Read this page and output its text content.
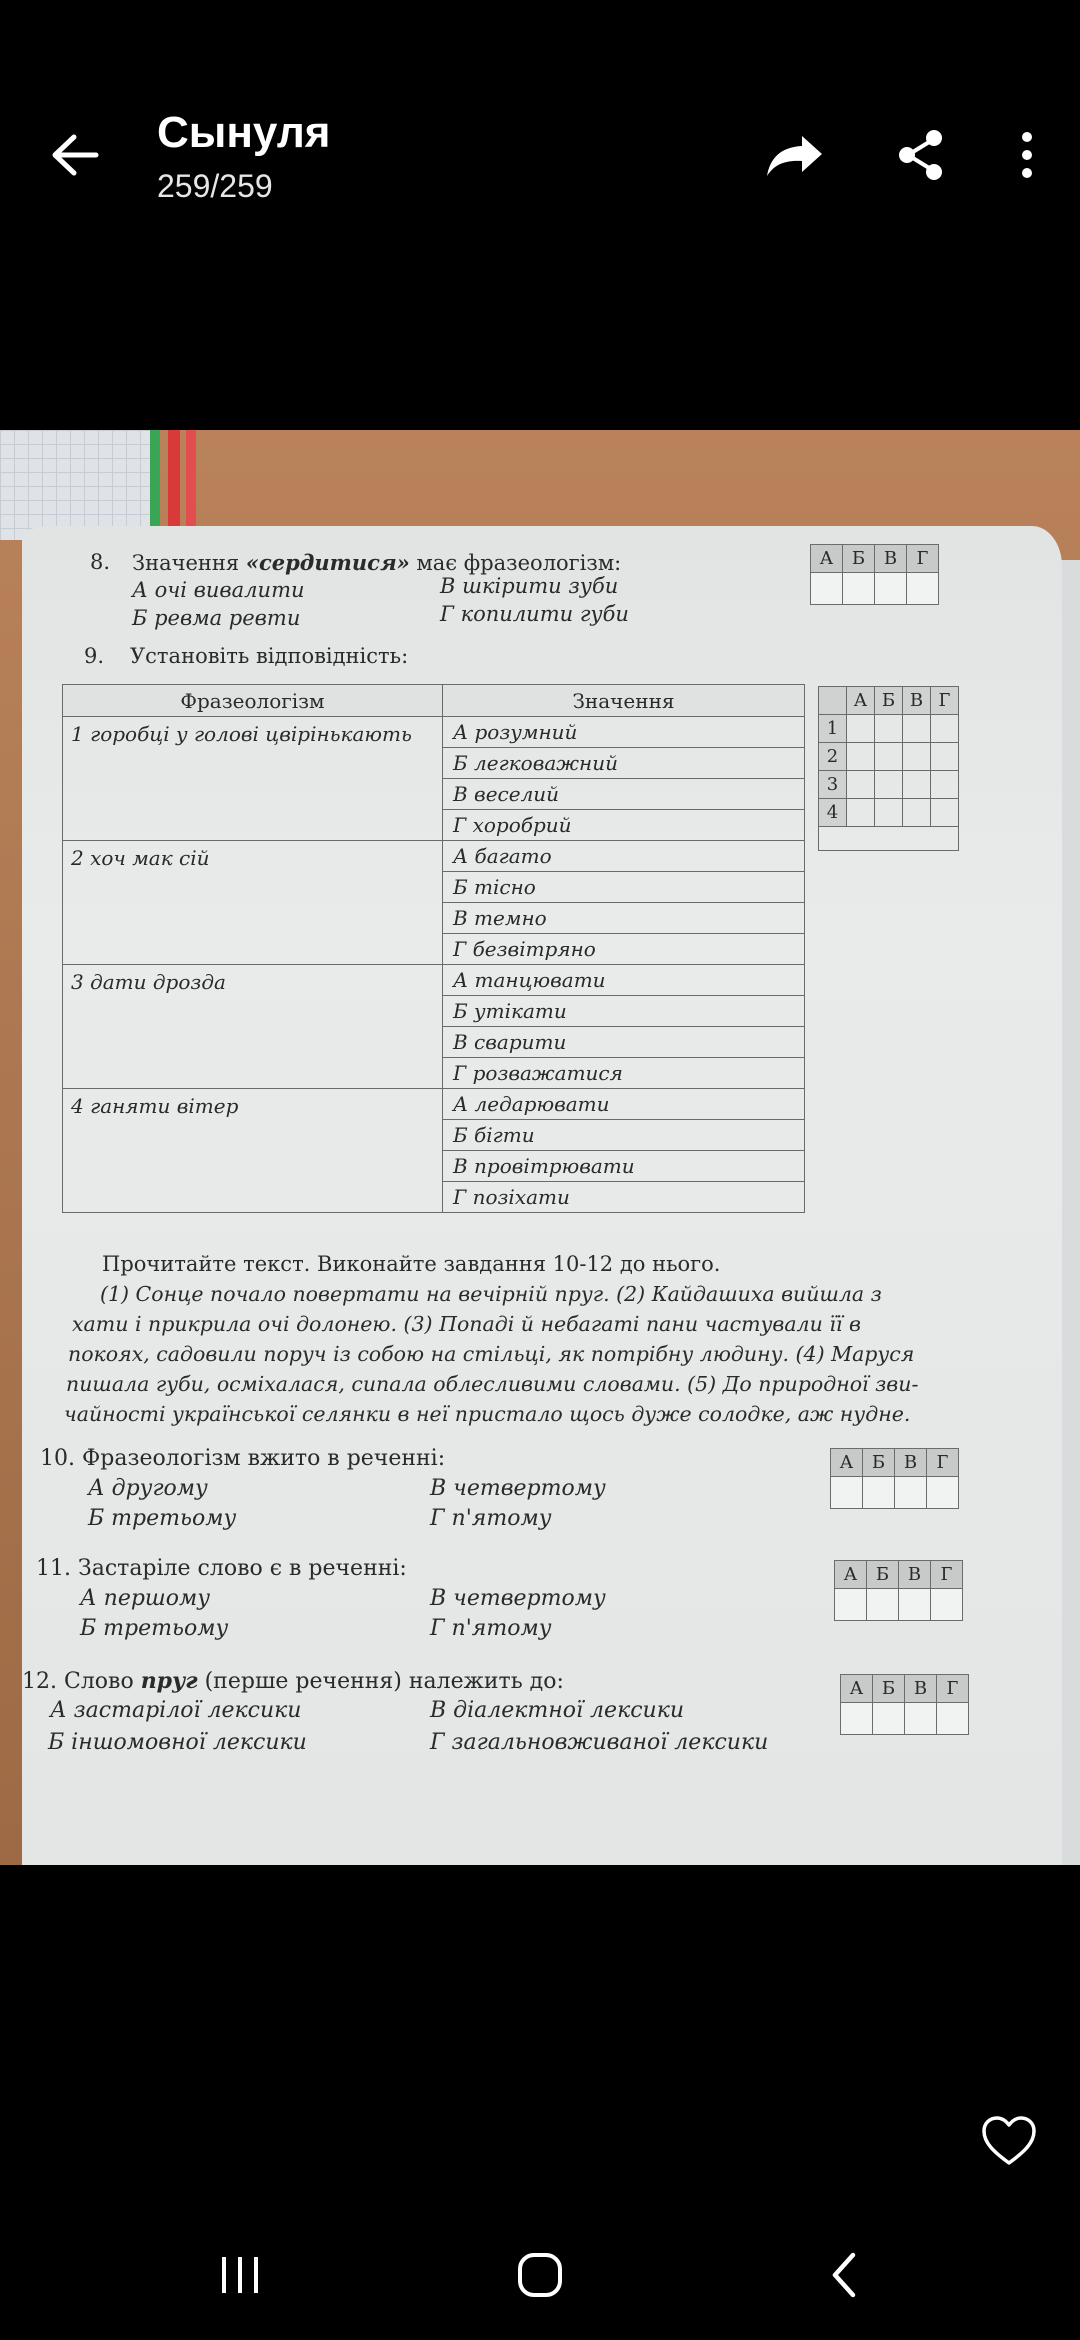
Сынуля
259/259
8. Значення «сердитися» має фразеологізм:
А очі вивалити
Б ревма ревти
В шкірити зуби
Г копилити губи
А	Б	В	Г

9. Установіть відповідність:
Фразеологізм	Значення
1 горобці у голові цвірінькають	А розумний
	Б легковажний
	В веселий
	Г хоробрий
2 хоч мак сій	А багато
	Б тісно
	В темно
	Г безвітряно
3 дати дрозда	А танцювати
	Б утікати
	В сварити
	Г розважатися
4 ганяти вітер	А ледарювати
	Б бігти
	В провітрювати
	Г позіхати
	А	Б	В	Г
1				
2				
3				
4				

Прочитайте текст. Виконайте завдання 10-12 до нього.
(1) Сонце почало повертати на вечірній пруг. (2) Кайдашиха вийшла з
хати і прикрила очі долонею. (3) Попаді й небагаті пани частували її в
покоях, садовили поруч із собою на стільці, як потрібну людину. (4) Маруся
пишала губи, осміхалася, сипала облесливими словами. (5) До природної зви-
чайності української селянки в неї пристало щось дуже солодке, аж нудне.
10. Фразеологізм вжито в реченні:
А другому
Б третьому
В четвертому
Г п'ятому
А	Б	В	Г

11. Застаріле слово є в реченні:
А першому
Б третьому
В четвертому
Г п'ятому
А	Б	В	Г

12. Слово пруг (перше речення) належить до:
А застарілої лексики
Б іншомовної лексики
В діалектної лексики
Г загальновживаної лексики
А	Б	В	Г
